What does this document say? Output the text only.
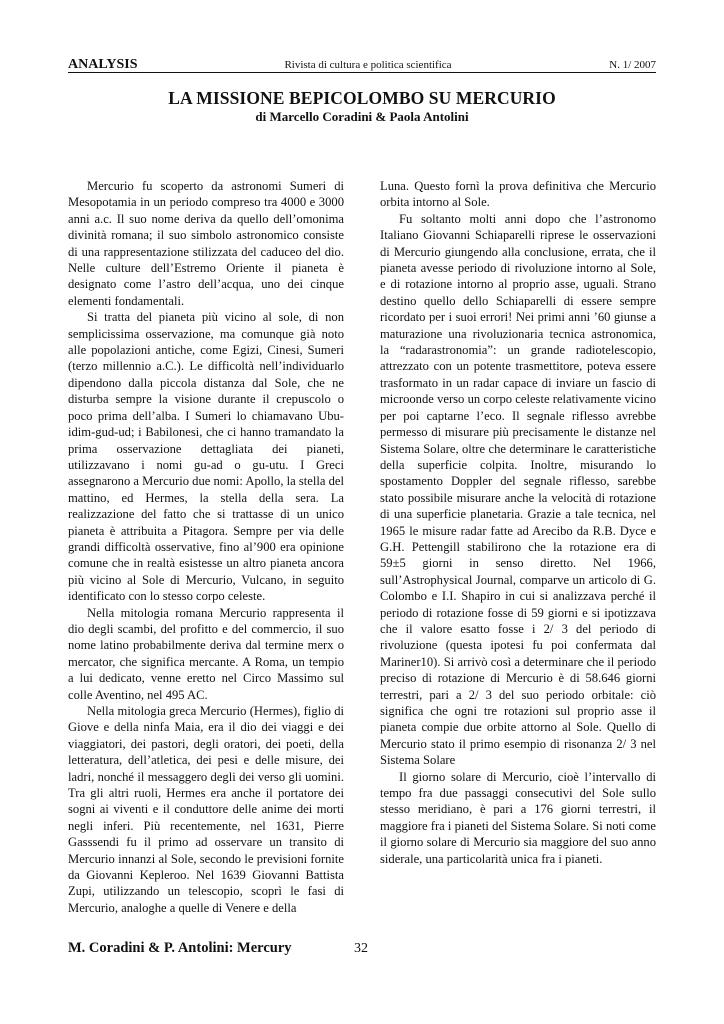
ANALYSIS	Rivista di cultura e politica scientifica	N. 1/ 2007
LA MISSIONE BEPICOLOMBO SU MERCURIO
di Marcello Coradini & Paola Antolini

Mercurio fu scoperto da astronomi Sumeri di Mesopotamia in un periodo compreso tra 4000 e 3000 anni a.c. Il suo nome deriva da quello dell’omonima divinità romana; il suo simbolo astronomico consiste di una rappresentazione stilizzata del caduceo del dio. Nelle culture dell’Estremo Oriente il pianeta è designato come l’astro dell’acqua, uno dei cinque elementi fondamentali.

Si tratta del pianeta più vicino al sole, di non semplicissima osservazione, ma comunque già noto alle popolazioni antiche, come Egizi, Cinesi, Sumeri (terzo millennio a.C.). Le difficoltà nell’individuarlo dipendono dalla piccola distanza dal Sole, che ne disturba sempre la visione durante il crepuscolo o poco prima dell’alba. I Sumeri lo chiamavano Ubu-idim-gud-ud; i Babilonesi, che ci hanno tramandato la prima osservazione dettagliata dei pianeti, utilizzavano i nomi gu-ad o gu-utu. I Greci assegnarono a Mercurio due nomi: Apollo, la stella del mattino, ed Hermes, la stella della sera. La realizzazione del fatto che si trattasse di un unico pianeta è attribuita a Pitagora. Sempre per via delle grandi difficoltà osservative, fino al’900 era opinione comune che in realtà esistesse un altro pianeta ancora più vicino al Sole di Mercurio, Vulcano, in seguito identificato con lo stesso corpo celeste.

Nella mitologia romana Mercurio rappresenta il dio degli scambi, del profitto e del commercio, il suo nome latino probabilmente deriva dal termine merx o mercator, che significa mercante. A Roma, un tempio a lui dedicato, venne eretto nel Circo Massimo sul colle Aventino, nel 495 AC.

Nella mitologia greca Mercurio (Hermes), figlio di Giove e della ninfa Maia, era il dio dei viaggi e dei viaggiatori, dei pastori, degli oratori, dei poeti, della letteratura, dell’atletica, dei pesi e delle misure, dei ladri, nonché il messaggero degli dei verso gli uomini. Tra gli altri ruoli, Hermes era anche il portatore dei sogni ai viventi e il conduttore delle anime dei morti negli inferi. Più recentemente, nel 1631, Pierre Gasssendi fu il primo ad osservare un transito di Mercurio innanzi al Sole, secondo le previsioni fornite da Giovanni Kepleroo. Nel 1639 Giovanni Battista Zupi, utilizzando un telescopio, scoprì le fasi di Mercurio, analoghe a quelle di Venere e della

Luna. Questo fornì la prova definitiva che Mercurio orbita intorno al Sole.

Fu soltanto molti anni dopo che l’astronomo Italiano Giovanni Schiaparelli riprese le osservazioni di Mercurio giungendo alla conclusione, errata, che il pianeta avesse periodo di rivoluzione intorno al Sole, e di rotazione intorno al proprio asse, uguali. Strano destino quello dello Schiaparelli di essere sempre ricordato per i suoi errori! Nei primi anni ’60 giunse a maturazione una rivoluzionaria tecnica astronomica, la “radarastronomia”: un grande radiotelescopio, attrezzato con un potente trasmettitore, poteva essere trasformato in un radar capace di inviare un fascio di microonde verso un corpo celeste relativamente vicino per poi captarne l’eco. Il segnale riflesso avrebbe permesso di misurare più precisamente le distanze nel Sistema Solare, oltre che determinare le caratteristiche della superficie colpita. Inoltre, misurando lo spostamento Doppler del segnale riflesso, sarebbe stato possibile misurare anche la velocità di rotazione di una superficie planetaria. Grazie a tale tecnica, nel 1965 le misure radar fatte ad Arecibo da R.B. Dyce e G.H. Pettengill stabilirono che la rotazione era di 59±5 giorni in senso diretto. Nel 1966, sull’Astrophysical Journal, comparve un articolo di G. Colombo e I.I. Shapiro in cui si analizzava perché il periodo di rotazione fosse di 59 giorni e si ipotizzava che il valore esatto fosse i 2/ 3 del periodo di rivoluzione (questa ipotesi fu poi confermata dal Mariner10). Si arrivò così a determinare che il periodo preciso di rotazione di Mercurio è di 58.646 giorni terrestri, pari a 2/ 3 del suo periodo orbitale: ciò significa che ogni tre rotazioni sul proprio asse il pianeta compie due orbite attorno al Sole. Quello di Mercurio stato il primo esempio di risonanza 2/ 3 nel Sistema Solare

Il giorno solare di Mercurio, cioè l’intervallo di tempo fra due passaggi consecutivi del Sole sullo stesso meridiano, è pari a 176 giorni terrestri, il maggiore fra i pianeti del Sistema Solare. Si noti come il giorno solare di Mercurio sia maggiore del suo anno siderale, una particolarità unica fra i pianeti.

M. Coradini & P. Antolini: Mercury	32
